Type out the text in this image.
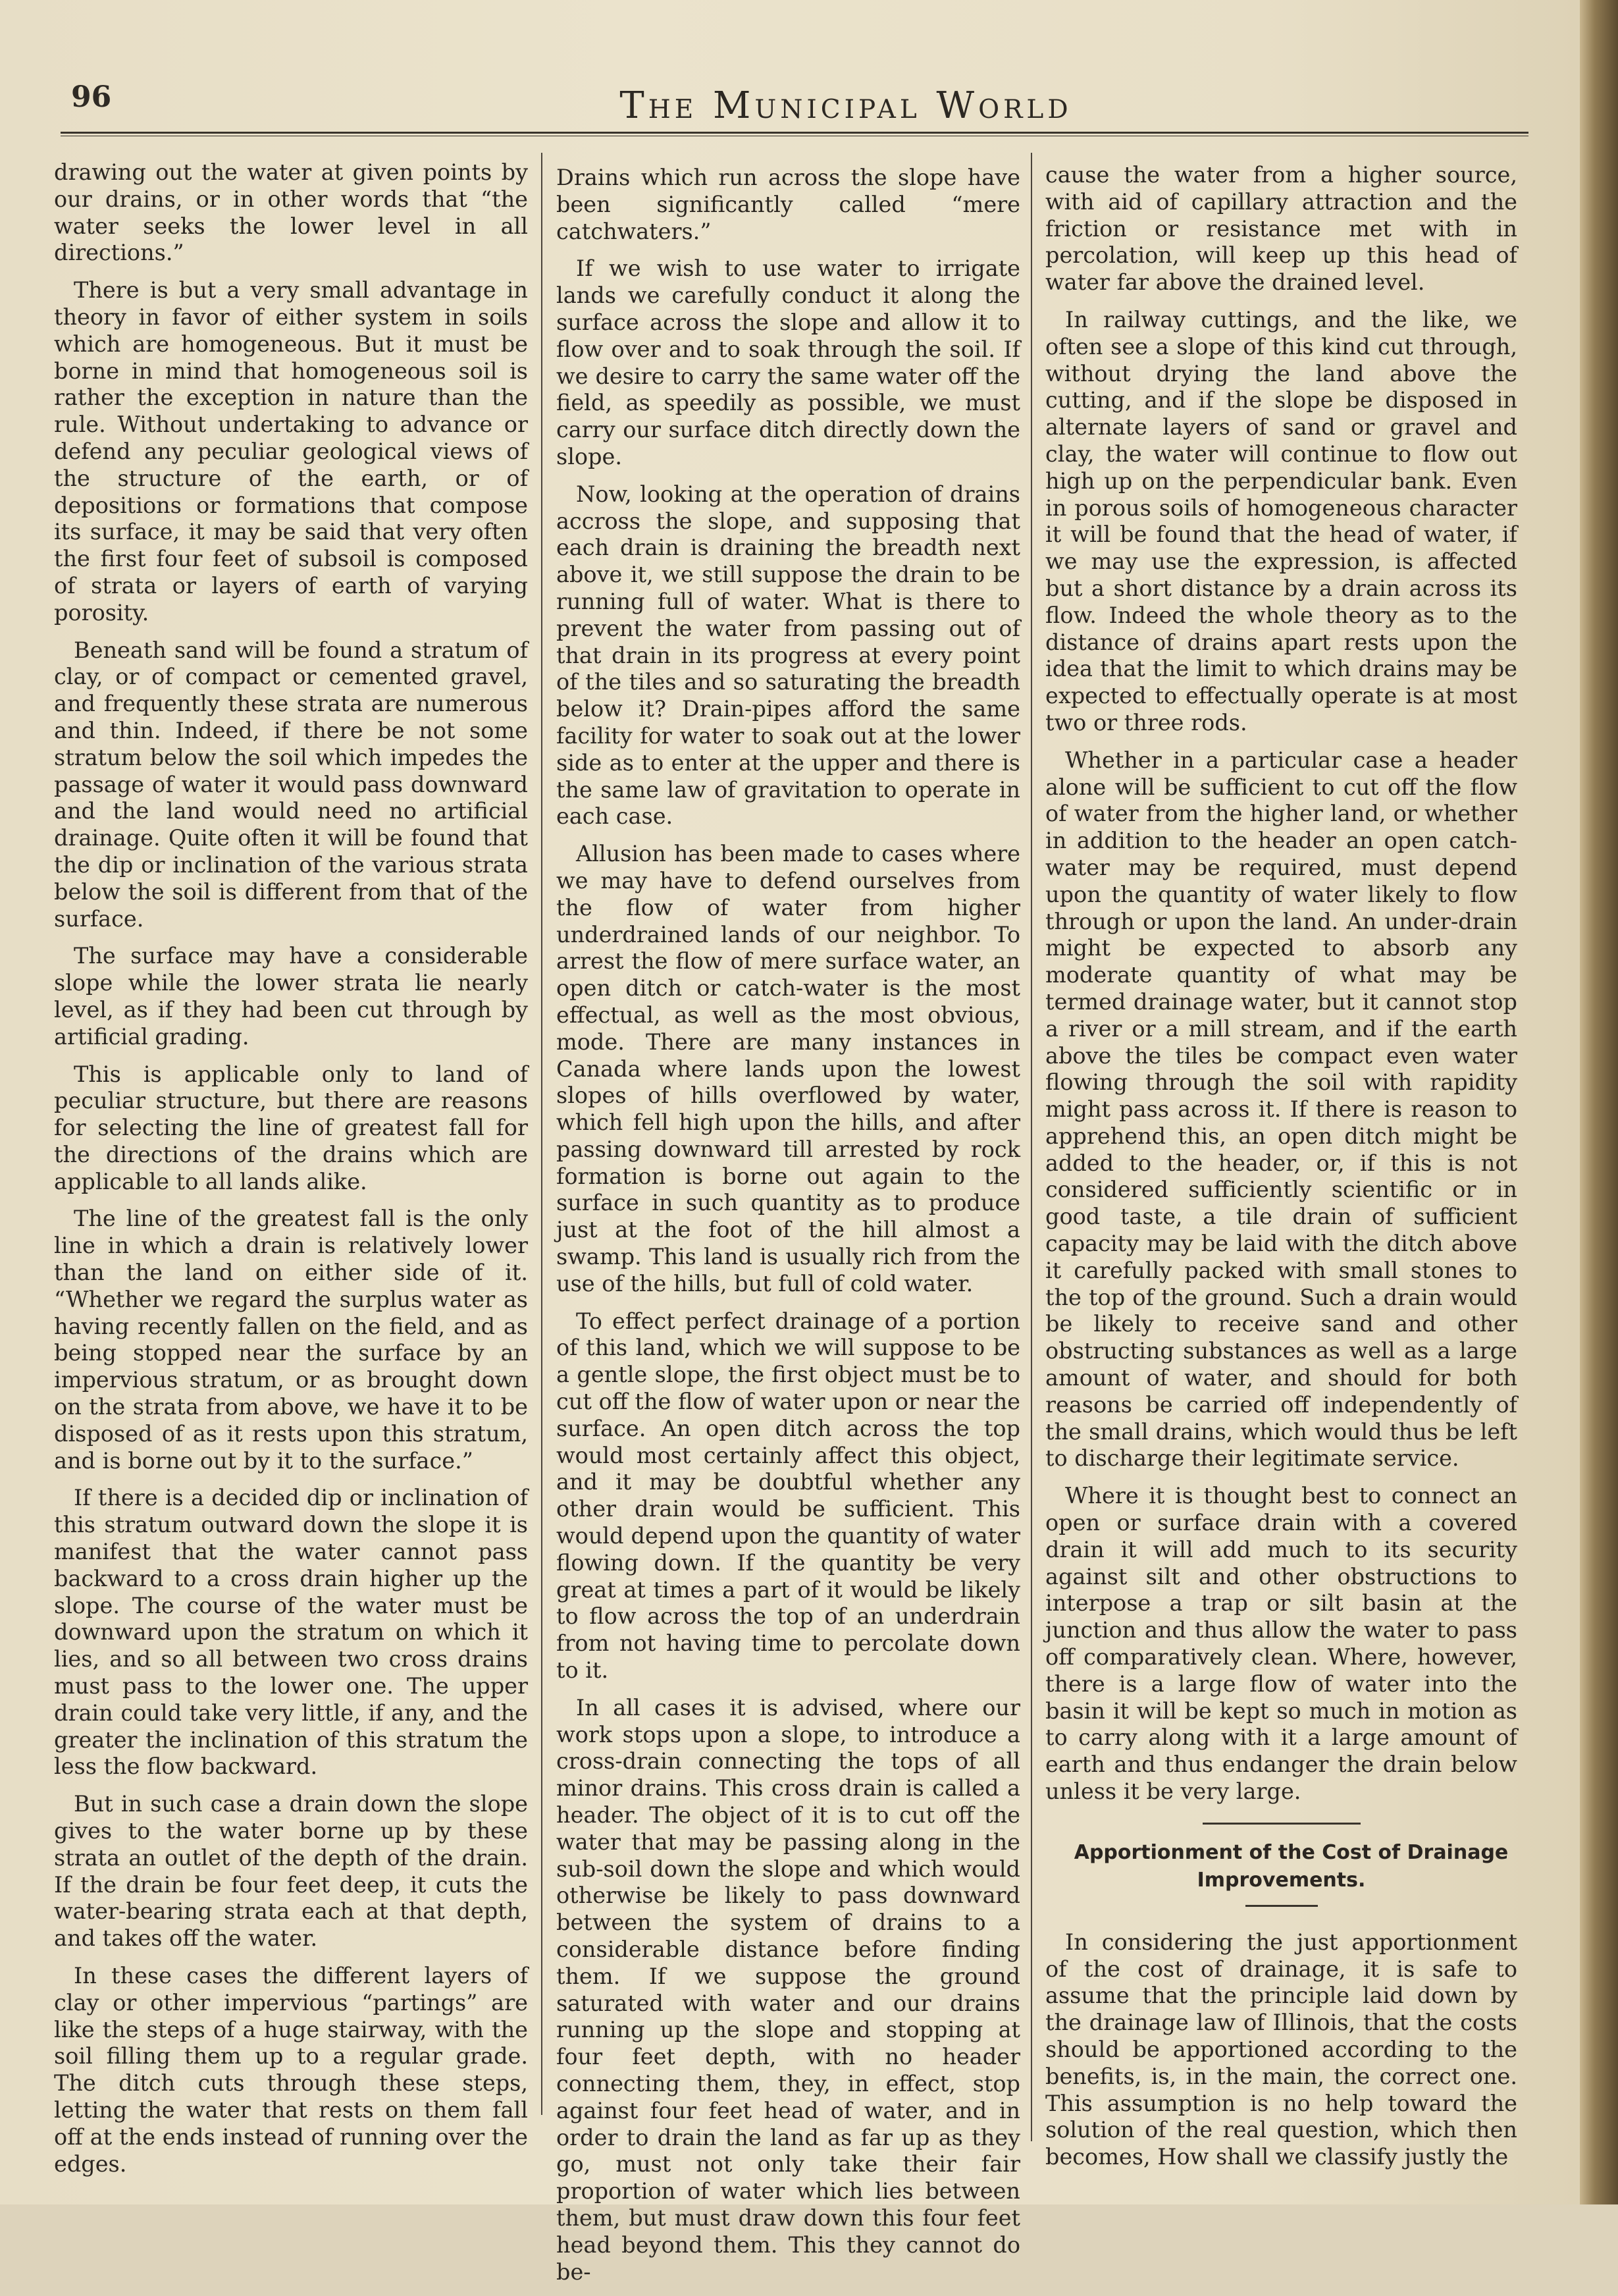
96	The Municipal World

drawing out the water at given points by our drains, or in other words that “the water seeks the lower level in all directions.”

There is but a very small advantage in theory in favor of either system in soils which are homogeneous. But it must be borne in mind that homogeneous soil is rather the exception in nature than the rule. Without undertaking to advance or defend any peculiar geological views of the structure of the earth, or of depositions or formations that compose its surface, it may be said that very often the first four feet of subsoil is composed of strata or layers of earth of varying porosity.

Beneath sand will be found a stratum of clay, or of compact or cemented gravel, and frequently these strata are numerous and thin. Indeed, if there be not some stratum below the soil which impedes the passage of water it would pass downward and the land would need no artificial drainage. Quite often it will be found that the dip or inclination of the various strata below the soil is different from that of the surface.

The surface may have a considerable slope while the lower strata lie nearly level, as if they had been cut through by artificial grading.

This is applicable only to land of peculiar structure, but there are reasons for selecting the line of greatest fall for the directions of the drains which are applicable to all lands alike.

The line of the greatest fall is the only line in which a drain is relatively lower than the land on either side of it. “Whether we regard the surplus water as having recently fallen on the field, and as being stopped near the surface by an impervious stratum, or as brought down on the strata from above, we have it to be disposed of as it rests upon this stratum, and is borne out by it to the surface.”

If there is a decided dip or inclination of this stratum outward down the slope it is manifest that the water cannot pass backward to a cross drain higher up the slope. The course of the water must be downward upon the stratum on which it lies, and so all between two cross drains must pass to the lower one. The upper drain could take very little, if any, and the greater the inclination of this stratum the less the flow backward.

But in such case a drain down the slope gives to the water borne up by these strata an outlet of the depth of the drain. If the drain be four feet deep, it cuts the water-bearing strata each at that depth, and takes off the water.

In these cases the different layers of clay or other impervious “partings” are like the steps of a huge stairway, with the soil filling them up to a regular grade. The ditch cuts through these steps, letting the water that rests on them fall off at the ends instead of running over the edges.

Drains which run across the slope have been significantly called “mere catchwaters.”

If we wish to use water to irrigate lands we carefully conduct it along the surface across the slope and allow it to flow over and to soak through the soil. If we desire to carry the same water off the field, as speedily as possible, we must carry our surface ditch directly down the slope.

Now, looking at the operation of drains accross the slope, and supposing that each drain is draining the breadth next above it, we still suppose the drain to be running full of water. What is there to prevent the water from passing out of that drain in its progress at every point of the tiles and so saturating the breadth below it? Drain-pipes afford the same facility for water to soak out at the lower side as to enter at the upper and there is the same law of gravitation to operate in each case.

Allusion has been made to cases where we may have to defend ourselves from the flow of water from higher underdrained lands of our neighbor. To arrest the flow of mere surface water, an open ditch or catch-water is the most effectual, as well as the most obvious, mode. There are many instances in Canada where lands upon the lowest slopes of hills overflowed by water, which fell high upon the hills, and after passing downward till arrested by rock formation is borne out again to the surface in such quantity as to produce just at the foot of the hill almost a swamp. This land is usually rich from the use of the hills, but full of cold water.

To effect perfect drainage of a portion of this land, which we will suppose to be a gentle slope, the first object must be to cut off the flow of water upon or near the surface. An open ditch across the top would most certainly affect this object, and it may be doubtful whether any other drain would be sufficient. This would depend upon the quantity of water flowing down. If the quantity be very great at times a part of it would be likely to flow across the top of an underdrain from not having time to percolate down to it.

In all cases it is advised, where our work stops upon a slope, to introduce a cross-drain connecting the tops of all minor drains. This cross drain is called a header. The object of it is to cut off the water that may be passing along in the sub-soil down the slope and which would otherwise be likely to pass downward between the system of drains to a considerable distance before finding them. If we suppose the ground saturated with water and our drains running up the slope and stopping at four feet depth, with no header connecting them, they, in effect, stop against four feet head of water, and in order to drain the land as far up as they go, must not only take their fair proportion of water which lies between them, but must draw down this four feet head beyond them. This they cannot do be-

cause the water from a higher source, with aid of capillary attraction and the friction or resistance met with in percolation, will keep up this head of water far above the drained level.

In railway cuttings, and the like, we often see a slope of this kind cut through, without drying the land above the cutting, and if the slope be disposed in alternate layers of sand or gravel and clay, the water will continue to flow out high up on the perpendicular bank. Even in porous soils of homogeneous character it will be found that the head of water, if we may use the expression, is affected but a short distance by a drain across its flow. Indeed the whole theory as to the distance of drains apart rests upon the idea that the limit to which drains may be expected to effectually operate is at most two or three rods.

Whether in a particular case a header alone will be sufficient to cut off the flow of water from the higher land, or whether in addition to the header an open catch-water may be required, must depend upon the quantity of water likely to flow through or upon the land. An under-drain might be expected to absorb any moderate quantity of what may be termed drainage water, but it cannot stop a river or a mill stream, and if the earth above the tiles be compact even water flowing through the soil with rapidity might pass across it. If there is reason to apprehend this, an open ditch might be added to the header, or, if this is not considered sufficiently scientific or in good taste, a tile drain of sufficient capacity may be laid with the ditch above it carefully packed with small stones to the top of the ground. Such a drain would be likely to receive sand and other obstructing substances as well as a large amount of water, and should for both reasons be carried off independently of the small drains, which would thus be left to discharge their legitimate service.

Where it is thought best to connect an open or surface drain with a covered drain it will add much to its security against silt and other obstructions to interpose a trap or silt basin at the junction and thus allow the water to pass off comparatively clean. Where, however, there is a large flow of water into the basin it will be kept so much in motion as to carry along with it a large amount of earth and thus endanger the drain below unless it be very large.

Apportionment of the Cost of Drainage Improvements.

In considering the just apportionment of the cost of drainage, it is safe to assume that the principle laid down by the drainage law of Illinois, that the costs should be apportioned according to the benefits, is, in the main, the correct one. This assumption is no help toward the solution of the real question, which then becomes, How shall we classify justly the
